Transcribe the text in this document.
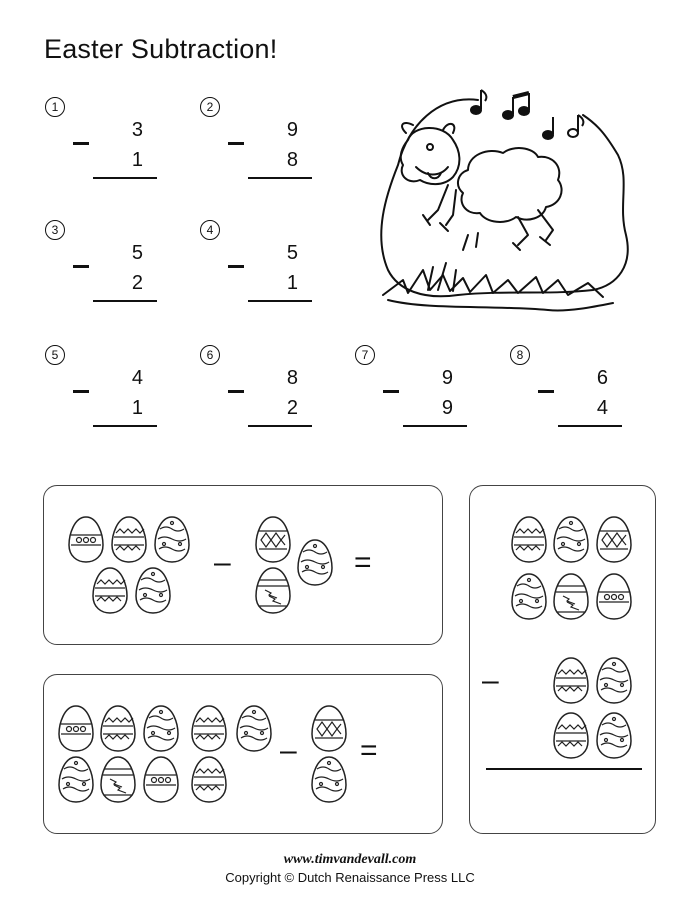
Easter Subtraction!
1
3
1
2
9
8
3
5
2
4
5
1
5
4
1
6
8
2
7
9
9
8
6
4
–	=
– =
–
www.timvandevall.com
Copyright © Dutch Renaissance Press LLC
